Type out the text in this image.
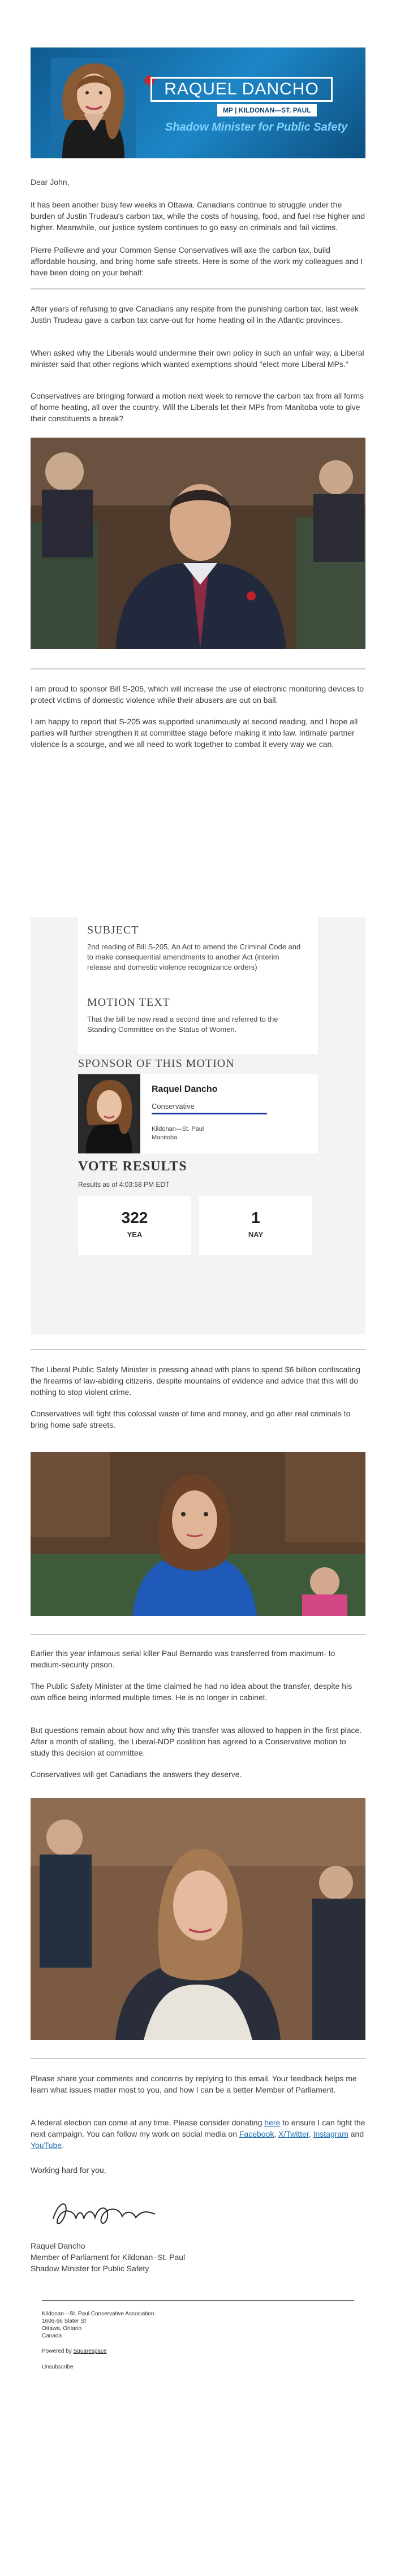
RAQUEL DANCHO
MP | KILDONAN—ST. PAUL
Shadow Minister for Public Safety
Dear John,
It has been another busy few weeks in Ottawa. Canadians continue to struggle under the burden of Justin Trudeau's carbon tax, while the costs of housing, food, and fuel rise higher and higher. Meanwhile, our justice system continues to go easy on criminals and fail victims.
Pierre Poilievre and your Common Sense Conservatives will axe the carbon tax, build affordable housing, and bring home safe streets. Here is some of the work my colleagues and I have been doing on your behalf:
After years of refusing to give Canadians any respite from the punishing carbon tax, last week Justin Trudeau gave a carbon tax carve-out for home heating oil in the Atlantic provinces.
When asked why the Liberals would undermine their own policy in such an unfair way, a Liberal minister said that other regions which wanted exemptions should "elect more Liberal MPs."
Conservatives are bringing forward a motion next week to remove the carbon tax from all forms of home heating, all over the country. Will the Liberals let their MPs from Manitoba vote to give their constituents a break?
I am proud to sponsor Bill S-205, which will increase the use of electronic monitoring devices to protect victims of domestic violence while their abusers are out on bail.
I am happy to report that S-205 was supported unanimously at second reading, and I hope all parties will further strengthen it at committee stage before making it into law. Intimate partner violence is a scourge, and we all need to work together to combat it every way we can.
SUBJECT
2nd reading of Bill S-205, An Act to amend the Criminal Code and to make consequential amendments to another Act (interim release and domestic violence recognizance orders)
MOTION TEXT
That the bill be now read a second time and referred to the Standing Committee on the Status of Women.
SPONSOR OF THIS MOTION
Raquel Dancho
Conservative
Kildonan—St. Paul
Manitoba
VOTE RESULTS
Results as of 4:03:58 PM EDT
322
YEA
1
NAY
The Liberal Public Safety Minister is pressing ahead with plans to spend $6 billion confiscating the firearms of law-abiding citizens, despite mountains of evidence and advice that this will do nothing to stop violent crime.
Conservatives will fight this colossal waste of time and money, and go after real criminals to bring home safe streets.
Earlier this year infamous serial killer Paul Bernardo was transferred from maximum- to medium-security prison.
The Public Safety Minister at the time claimed he had no idea about the transfer, despite his own office being informed multiple times. He is no longer in cabinet.
But questions remain about how and why this transfer was allowed to happen in the first place. After a month of stalling, the Liberal-NDP coalition has agreed to a Conservative motion to study this decision at committee.
Conservatives will get Canadians the answers they deserve.
Please share your comments and concerns by replying to this email. Your feedback helps me learn what issues matter most to you, and how I can be a better Member of Parliament.
A federal election can come at any time. Please consider donating here to ensure I can fight the next campaign. You can follow my work on social media on Facebook, X/Twitter, Instagram and YouTube.
Working hard for you,
Raquel Dancho
Member of Parliament for Kildonan–St. Paul
Shadow Minister for Public Safety
Kildonan—St. Paul Conservative Association
1606-66 Slater St
Ottawa, Ontario
Canada
Powered by Squarespace
Unsubscribe
